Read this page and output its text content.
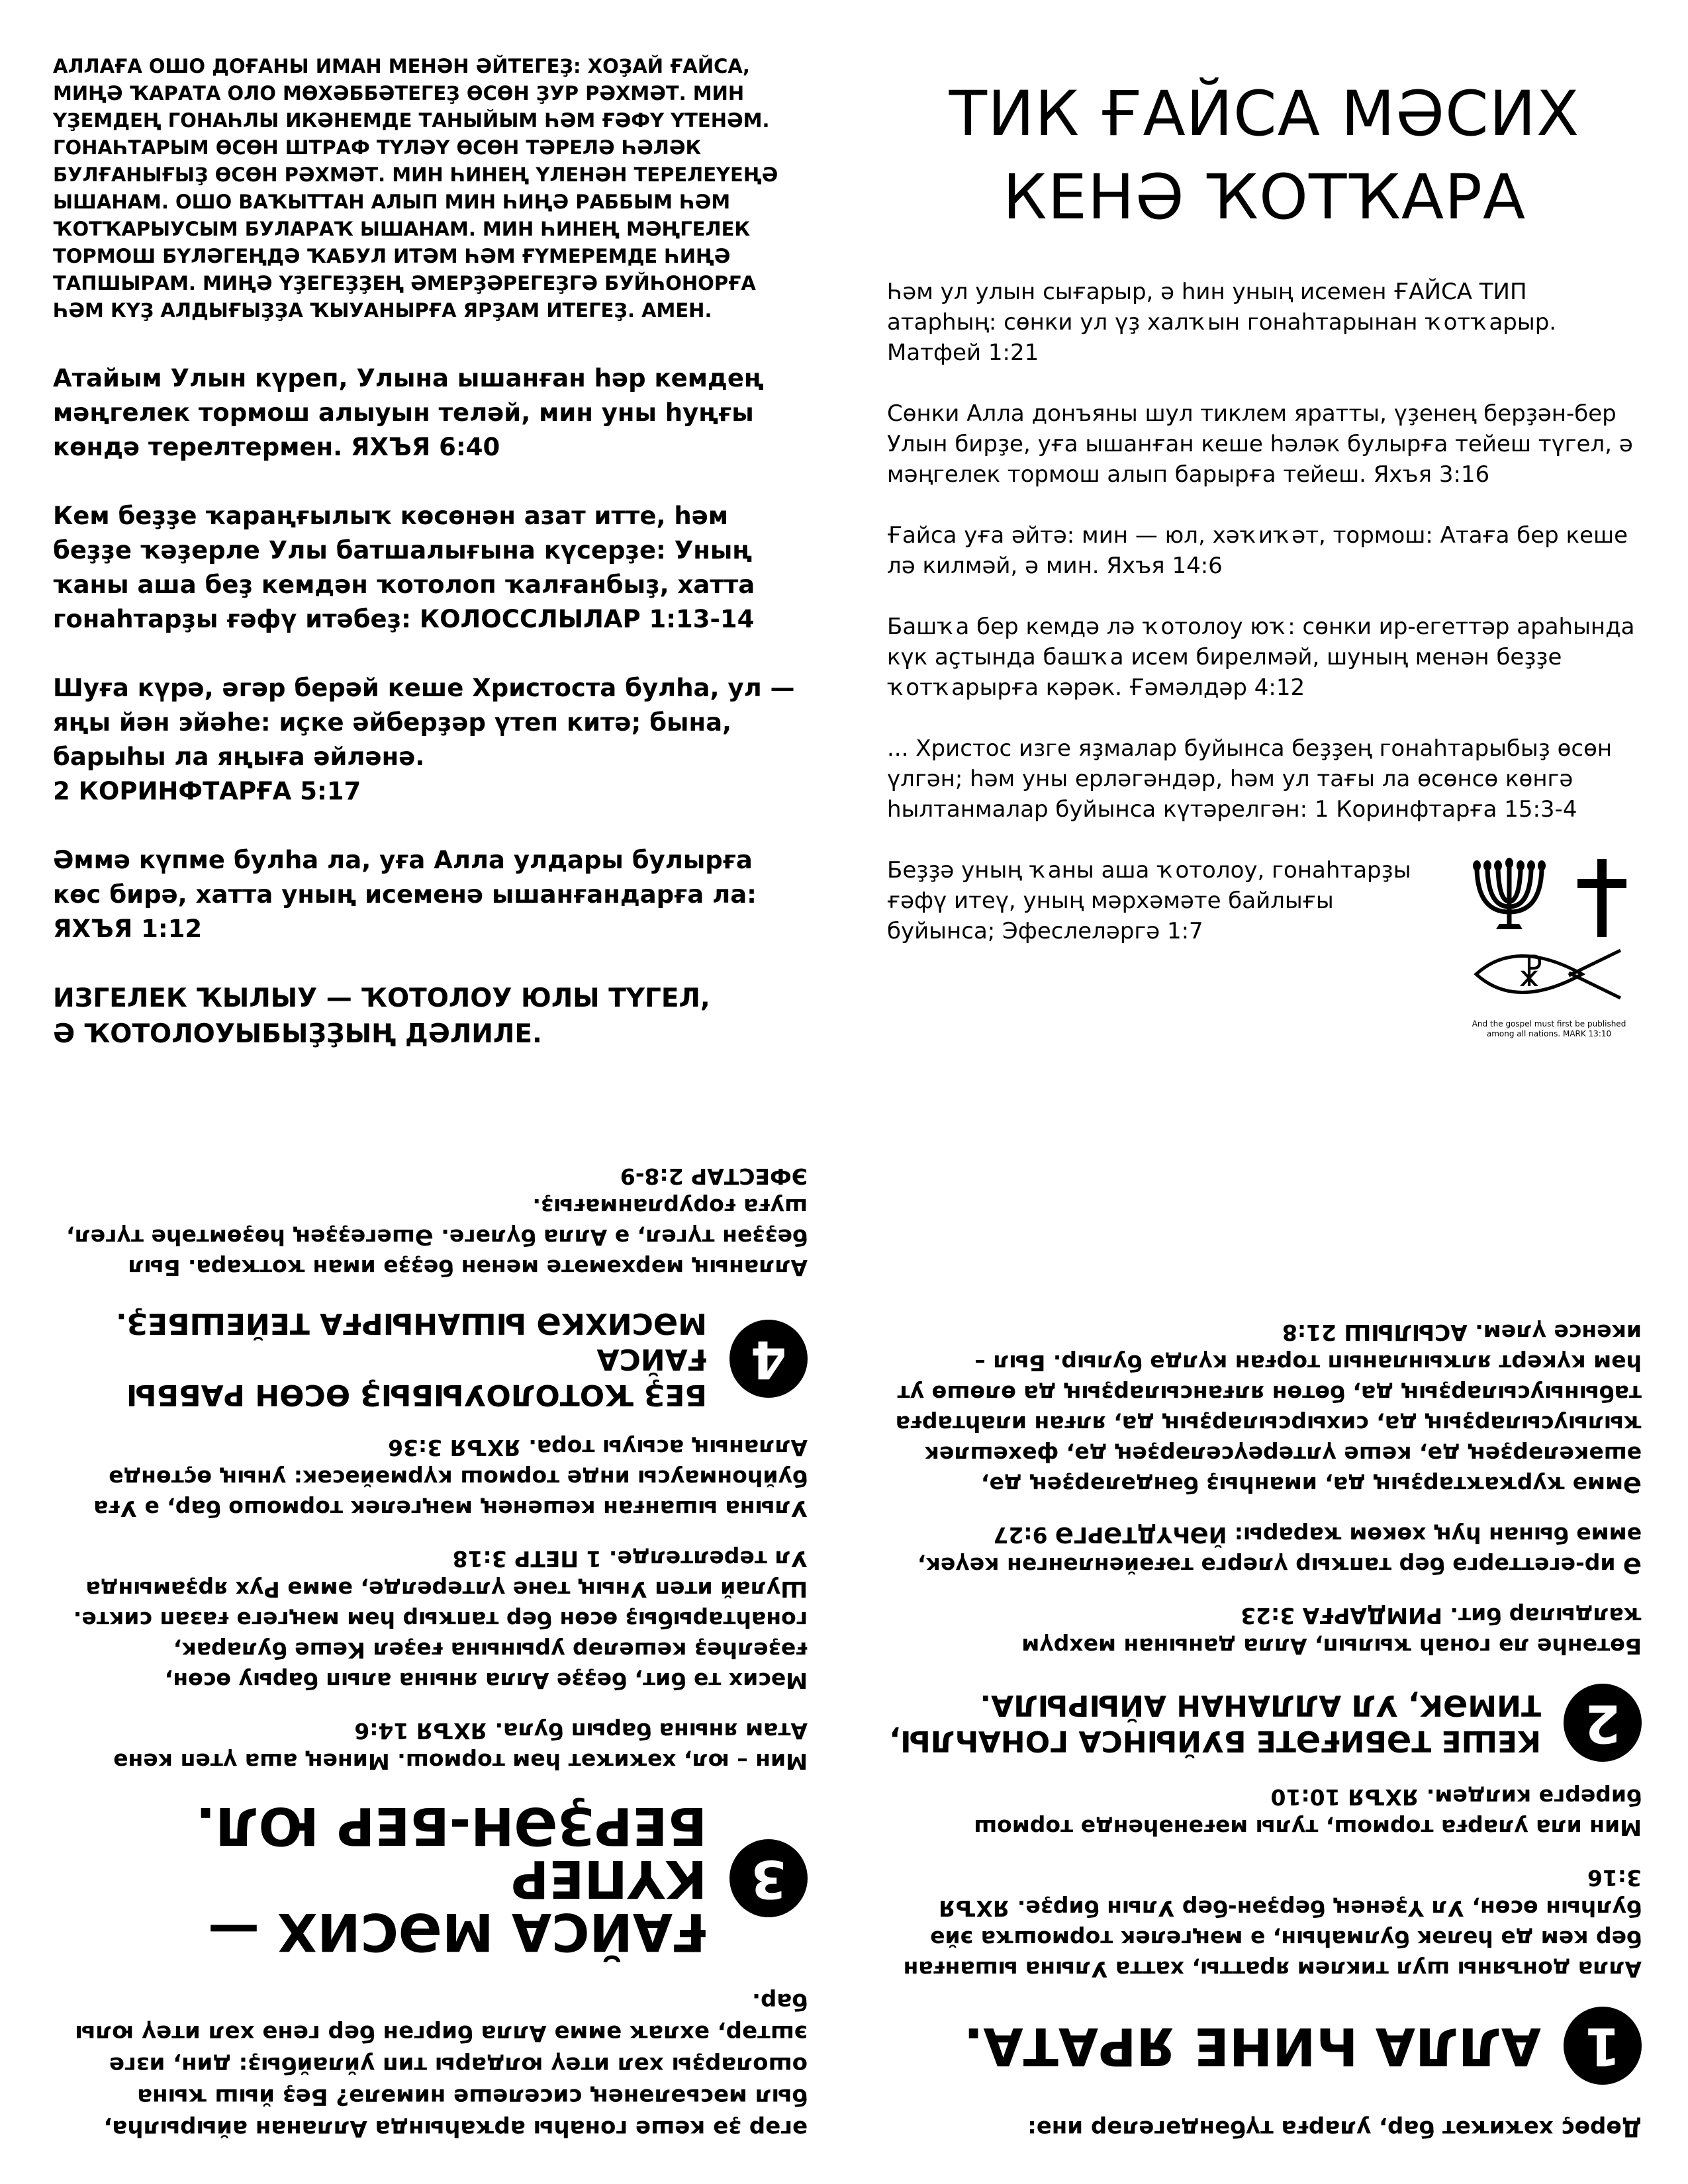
АЛЛАҒА ОШО ДОҒАНЫ ИМАН МЕНӘН ӘЙТЕГЕҘ: ХОҘАЙ ҒАЙСА, МИҢӘ ҠАРАТА ОЛО МӨХӘББӘТЕГЕҘ ӨСӨН ҘУР РӘХМӘТ. МИН ҮҘЕМДЕҢ ГОНАҺЛЫ ИКӘНЕМДЕ ТАНЫЙЫМ ҺӘМ ҒӘФҮ ҮТЕНӘМ. ГОНАҺТАРЫМ ӨСӨН ШТРАФ ТҮЛӘҮ ӨСӨН ТӘРЕЛӘ ҺӘЛӘК БУЛҒАНЫҒЫҘ ӨСӨН РӘХМӘТ. МИН ҺИНЕҢ ҮЛЕНӘН ТЕРЕЛЕҮЕҢӘ ЫШАНАМ. ОШО ВАҠЫТТАН АЛЫП МИН ҺИҢӘ РАББЫМ ҺӘМ ҠОТҠАРЫУСЫМ БУЛАРАҠ ЫШАНАМ. МИН ҺИНЕҢ МӘҢГЕЛЕК ТОРМОШ БҮЛӘГЕҢДӘ ҠАБУЛ ИТӘМ ҺӘМ ҒҮМЕРЕМДЕ ҺИҢӘ ТАПШЫРАМ. МИҢӘ ҮҘЕГЕҘҘЕҢ ӘМЕРҘӘРЕГЕҘГӘ БУЙҺОНОРҒА ҺӘМ КҮҘ АЛДЫҒЫҘҘА ҠЫУАНЫРҒА ЯРҘАМ ИТЕГЕҘ. АМЕН.

Атайым Улын күреп, Улына ышанған һәр кемдең мәңгелек тормош алыуын теләй, мин уны һуңғы көндә терелтермен. ЯХЪЯ 6:40

Кем беҙҙе ҡараңғылыҡ көсөнән азат итте, һәм беҙҙе ҡәҙерле Улы батшалығына күсерҙе: Уның ҡаны аша беҙ кемдән ҡотолоп ҡалғанбыҙ, хатта гонаһтарҙы ғәфү итәбеҙ: КОЛОССЛЫЛАР 1:13-14

Шуға күрә, әгәр берәй кеше Христоста булһа, ул — яңы йән эйәһе: иҫке әйберҙәр үтеп китә; бына, барыһы ла яңыға әйләнә.
2 КОРИНФТАРҒА 5:17

Әммә күпме булһа ла, уға Алла улдары булырға көс бирә, хатта уның исеменә ышанғандарға ла: ЯХЪЯ 1:12

ИЗГЕЛЕК ҠЫЛЫУ — ҠОТОЛОУ ЮЛЫ ТҮГЕЛ,
Ә ҠОТОЛОУЫБЫҘҘЫҢ ДӘЛИЛЕ.
ТИК ҒАЙСА МӘСИХ
КЕНӘ ҠОТҠАРА

Һәм ул улын сығарыр, ә һин уның исемен ҒАЙСА ТИП атарһың: сөнки ул үҙ халҡын гонаһтарынан ҡотҡарыр. Матфей 1:21

Сөнки Алла донъяны шул тиклем яратты, үҙенең берҙән-бер Улын бирҙе, уға ышанған кеше һәләк булырға тейеш түгел, ә мәңгелек тормош алып барырға тейеш. Яхъя 3:16

Ғайса уға әйтә: мин — юл, хәҡиҡәт, тормош: Атаға бер кеше лә килмәй, ә мин. Яхъя 14:6

Башҡа бер кемдә лә ҡотолоу юҡ: сөнки ир-егеттәр араһында күк аҫтында башҡа исем бирелмәй, шуның менән беҙҙе ҡотҡарырға кәрәк. Ғәмәлдәр 4:12

... Христос изге яҙмалар буйынса беҙҙең гонаһтарыбыҙ өсөн үлгән; һәм уны ерләгәндәр, һәм ул тағы ла өсөнсө көнгә һылтанмалар буйынса күтәрелгән: 1 Коринфтарға 15:3-4

Беҙҙә уның ҡаны аша ҡотолоу, гонаһтарҙы ғәфү итеү, уның мәрхәмәте байлығы буйынса; Эфеслеләргә 1:7

☧
And the gospel must first be published
among all nations. MARK 13:10

әгәр ҙә кеше гонаһы арҡаһында Алланан айырылһа, был мәсьәләнең сиселеше нимәлә? Беҙ йыш ҡына ошоларҙы хәл итеү юлдары тип уйлайбыҙ: дин, изге эштәр, әхлаҡ әммә Алла биргән бер генә хәл итеү юлы бар.

3
ҒАЙСА МӘСИХ — КҮПЕР
БЕРҘӘН-БЕР ЮЛ.

Мин – юл, хәҡиҡәт һәм тормош. Минең аша үтеп кенә Атам янына барып була. ЯХЪЯ 14:6

Мәсих тә бит, беҙҙе Алла янына алып барыу өсөн, ғәҙелһеҙ кешеләр урынына ғәҙел Кеше буларак, гонаһтарыбыҙ өсөн бер тапҡыр һәм мәңгегә ғазап сикте. Шулай итеп Уның тәне үлтерелде, әммә Рух ярҙамында Ул терелтелде. 1 ПЕТР 3:18

Улына ышанған кешенең мәңгелек тормошо бар, ә Уға буйһонмаусы инде тормош күрмәйәсәк: уның өҫтөндә Алланың асыуы тора. ЯХЪЯ 3:36

4
БЕҘ ҠОТОЛОУЫБЫҘ ӨСӨН РАББЫ ҒАЙСА
МӘСИХКӘ ЫШАНЫРҒА ТЕЙЕШБЕҘ.

Алланың мәрхәмәте менән беҙҙә иман ҡотҡара. Был беҙҙән түгел, ә Алла бүләге. Әшегеҙҙең һөҙөмтәһе түгел, шуға ғорурланмағыҙ.
ЭФЕСТАР 2:8-9

Дөрөҫ хәҡиҡәт бар, уларға түбәндәгеләр инә:

1
АЛЛА ҺИНЕ ЯРАТА.

Алла донъяны шул тиклем яратты, хатта Улына ышанған бер кем дә һәләк булмаһын, ә мәңгелек тормошҡа эйә булһын өсөн, Ул Үҙенең берҙән-бер Улын бирҙе. ЯХЪЯ 3:16

Мин ила уларға тормош, тулы мәғәнәһендә тормош бирергә килдем. ЯХЪЯ 10:10

2
КЕШЕ ТӘБИҒӘТЕ БУЙЫНСА ГОНАҺЛЫ,
ТИМӘК, УЛ АЛЛАНАН АЙЫРЫЛА.

Бөтәнһе лә гонаһ ҡылып, Алла данынан мәхрүм ҡалдылар бит. РИМДАРҒА 3:23

Ә ир-егеттәргә бер тапҡыр үлергә тәғәйенләнгән кеүек, әммә бынан һуң хөкөм ҡарары: ЙӘҺҮДТӘРГӘ 9:27

Әммә ҡурҡаҡтарҙың да, иманһыҙ бәндәләрҙең дә, әшәкеләрҙең дә, кеше үлтереүселәрҙең дә, фәхешлек ҡылыусыларҙың да, сихырсыларҙың да, ялған илаһтарға табыныусыларҙың да, бөтөн ялғансыларҙың да өлөшө ут һәм күкерт ялҡынланып торған күлдә булыр. Был – икенсе үлем. АСЫЛЫШ 21:8
